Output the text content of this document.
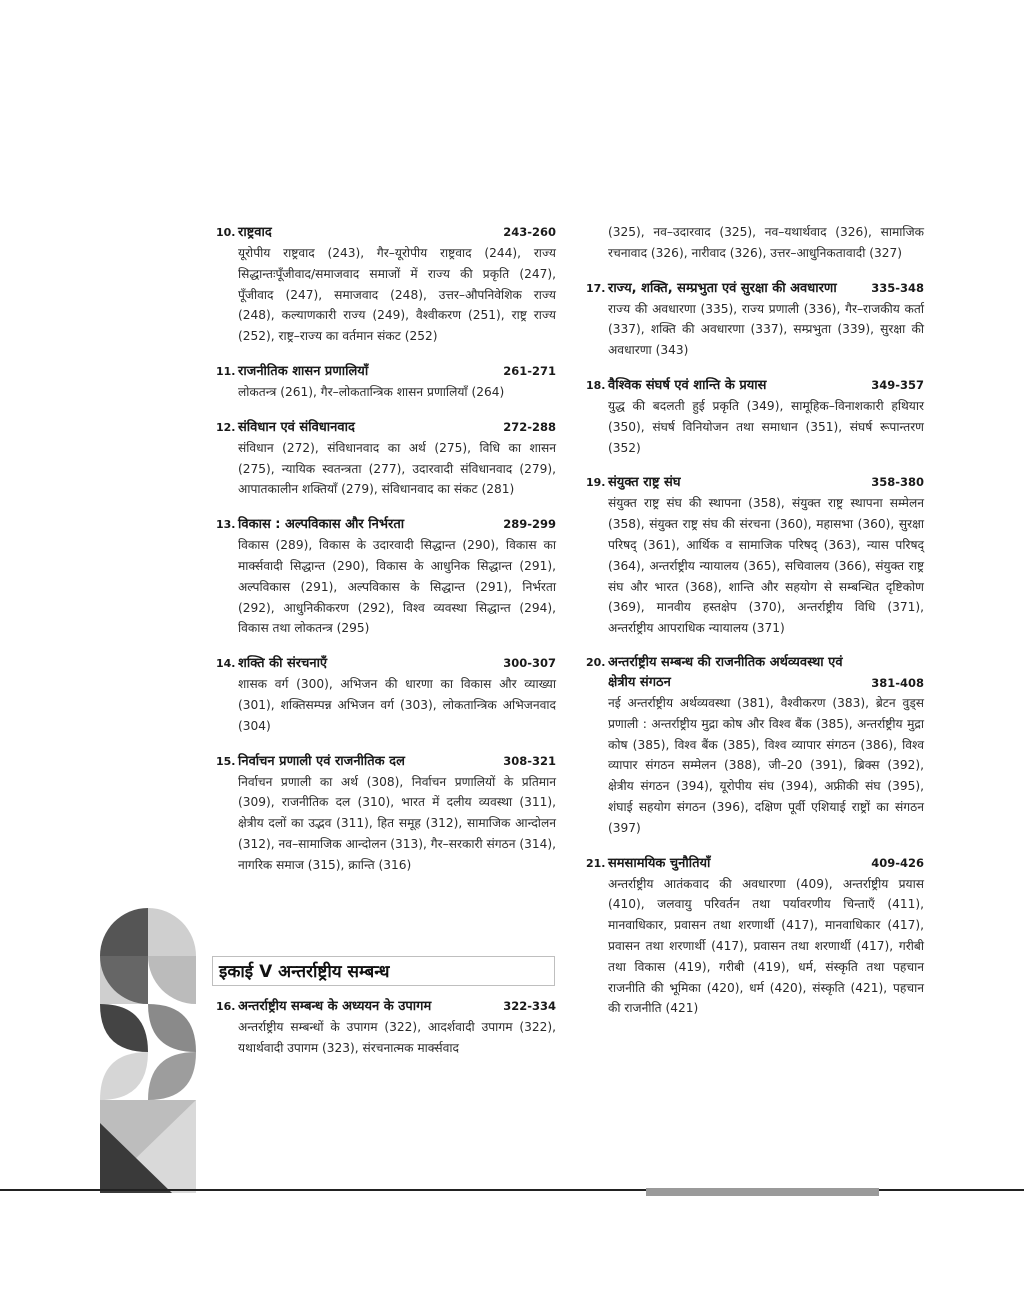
10. राष्ट्रवाद	243-260
यूरोपीय राष्ट्रवाद (243), गैर–यूरोपीय राष्ट्रवाद (244), राज्य सिद्धान्तःपूँजीवाद/समाजवाद समाजों में राज्य की प्रकृति (247), पूँजीवाद (247), समाजवाद (248), उत्तर–औपनिवेशिक राज्य (248), कल्याणकारी राज्य (249), वैश्वीकरण (251), राष्ट्र राज्य (252), राष्ट्र–राज्य का वर्तमान संकट (252)
11. राजनीतिक शासन प्रणालियाँ	261-271
लोकतन्त्र (261), गैर–लोकतान्त्रिक शासन प्रणालियाँ (264)
12. संविधान एवं संविधानवाद	272-288
संविधान (272), संविधानवाद का अर्थ (275), विधि का शासन (275), न्यायिक स्वतन्त्रता (277), उदारवादी संविधानवाद (279), आपातकालीन शक्तियाँ (279), संविधानवाद का संकट (281)
13. विकास : अल्पविकास और निर्भरता	289-299
विकास (289), विकास के उदारवादी सिद्धान्त (290), विकास का मार्क्सवादी सिद्धान्त (290), विकास के आधुनिक सिद्धान्त (291), अल्पविकास (291), अल्पविकास के सिद्धान्त (291), निर्भरता (292), आधुनिकीकरण (292), विश्व व्यवस्था सिद्धान्त (294), विकास तथा लोकतन्त्र (295)
14. शक्ति की संरचनाएँ	300-307
शासक वर्ग (300), अभिजन की धारणा का विकास और व्याख्या (301), शक्तिसम्पन्न अभिजन वर्ग (303), लोकतान्त्रिक अभिजनवाद (304)
15. निर्वाचन प्रणाली एवं राजनीतिक दल	308-321
निर्वाचन प्रणाली का अर्थ (308), निर्वाचन प्रणालियों के प्रतिमान (309), राजनीतिक दल (310), भारत में दलीय व्यवस्था (311), क्षेत्रीय दलों का उद्भव (311), हित समूह (312), सामाजिक आन्दोलन (312), नव–सामाजिक आन्दोलन (313), गैर–सरकारी संगठन (314), नागरिक समाज (315), क्रान्ति (316)
इकाई V अन्तर्राष्ट्रीय सम्बन्ध
16. अन्तर्राष्ट्रीय सम्बन्ध के अध्ययन के उपागम	322-334
अन्तर्राष्ट्रीय सम्बन्धों के उपागम (322), आदर्शवादी उपागम (322), यथार्थवादी उपागम (323), संरचनात्मक मार्क्सवाद
(325), नव–उदारवाद (325), नव–यथार्थवाद (326), सामाजिक रचनावाद (326), नारीवाद (326), उत्तर–आधुनिकतावादी (327)
17. राज्य, शक्ति, सम्प्रभुता एवं सुरक्षा की अवधारणा	335-348
राज्य की अवधारणा (335), राज्य प्रणाली (336), गैर–राजकीय कर्ता (337), शक्ति की अवधारणा (337), सम्प्रभुता (339), सुरक्षा की अवधारणा (343)
18. वैश्विक संघर्ष एवं शान्ति के प्रयास	349-357
युद्ध की बदलती हुई प्रकृति (349), सामूहिक–विनाशकारी हथियार (350), संघर्ष विनियोजन तथा समाधान (351), संघर्ष रूपान्तरण (352)
19. संयुक्त राष्ट्र संघ	358-380
संयुक्त राष्ट्र संघ की स्थापना (358), संयुक्त राष्ट्र स्थापना सम्मेलन (358), संयुक्त राष्ट्र संघ की संरचना (360), महासभा (360), सुरक्षा परिषद् (361), आर्थिक व सामाजिक परिषद् (363), न्यास परिषद् (364), अन्तर्राष्ट्रीय न्यायालय (365), सचिवालय (366), संयुक्त राष्ट्र संघ और भारत (368), शान्ति और सहयोग से सम्बन्धित दृष्टिकोण (369), मानवीय हस्तक्षेप (370), अन्तर्राष्ट्रीय विधि (371), अन्तर्राष्ट्रीय आपराधिक न्यायालय (371)
20. अन्तर्राष्ट्रीय सम्बन्ध की राजनीतिक अर्थव्यवस्था एवं
क्षेत्रीय संगठन	381-408
नई अन्तर्राष्ट्रीय अर्थव्यवस्था (381), वैश्वीकरण (383), ब्रेटन वुड्स प्रणाली : अन्तर्राष्ट्रीय मुद्रा कोष और विश्व बैंक (385), अन्तर्राष्ट्रीय मुद्रा कोष (385), विश्व बैंक (385), विश्व व्यापार संगठन (386), विश्व व्यापार संगठन सम्मेलन (388), जी–20 (391), ब्रिक्स (392), क्षेत्रीय संगठन (394), यूरोपीय संघ (394), अफ्रीकी संघ (395), शंघाई सहयोग संगठन (396), दक्षिण पूर्वी एशियाई राष्ट्रों का संगठन (397)
21. समसामयिक चुनौतियाँ	409-426
अन्तर्राष्ट्रीय आतंकवाद की अवधारणा (409), अन्तर्राष्ट्रीय प्रयास (410), जलवायु परिवर्तन तथा पर्यावरणीय चिन्ताएँ (411), मानवाधिकार, प्रवासन तथा शरणार्थी (417), मानवाधिकार (417), प्रवासन तथा शरणार्थी (417), प्रवासन तथा शरणार्थी (417), गरीबी तथा विकास (419), गरीबी (419), धर्म, संस्कृति तथा पहचान राजनीति की भूमिका (420), धर्म (420), संस्कृति (421), पहचान की राजनीति (421)
